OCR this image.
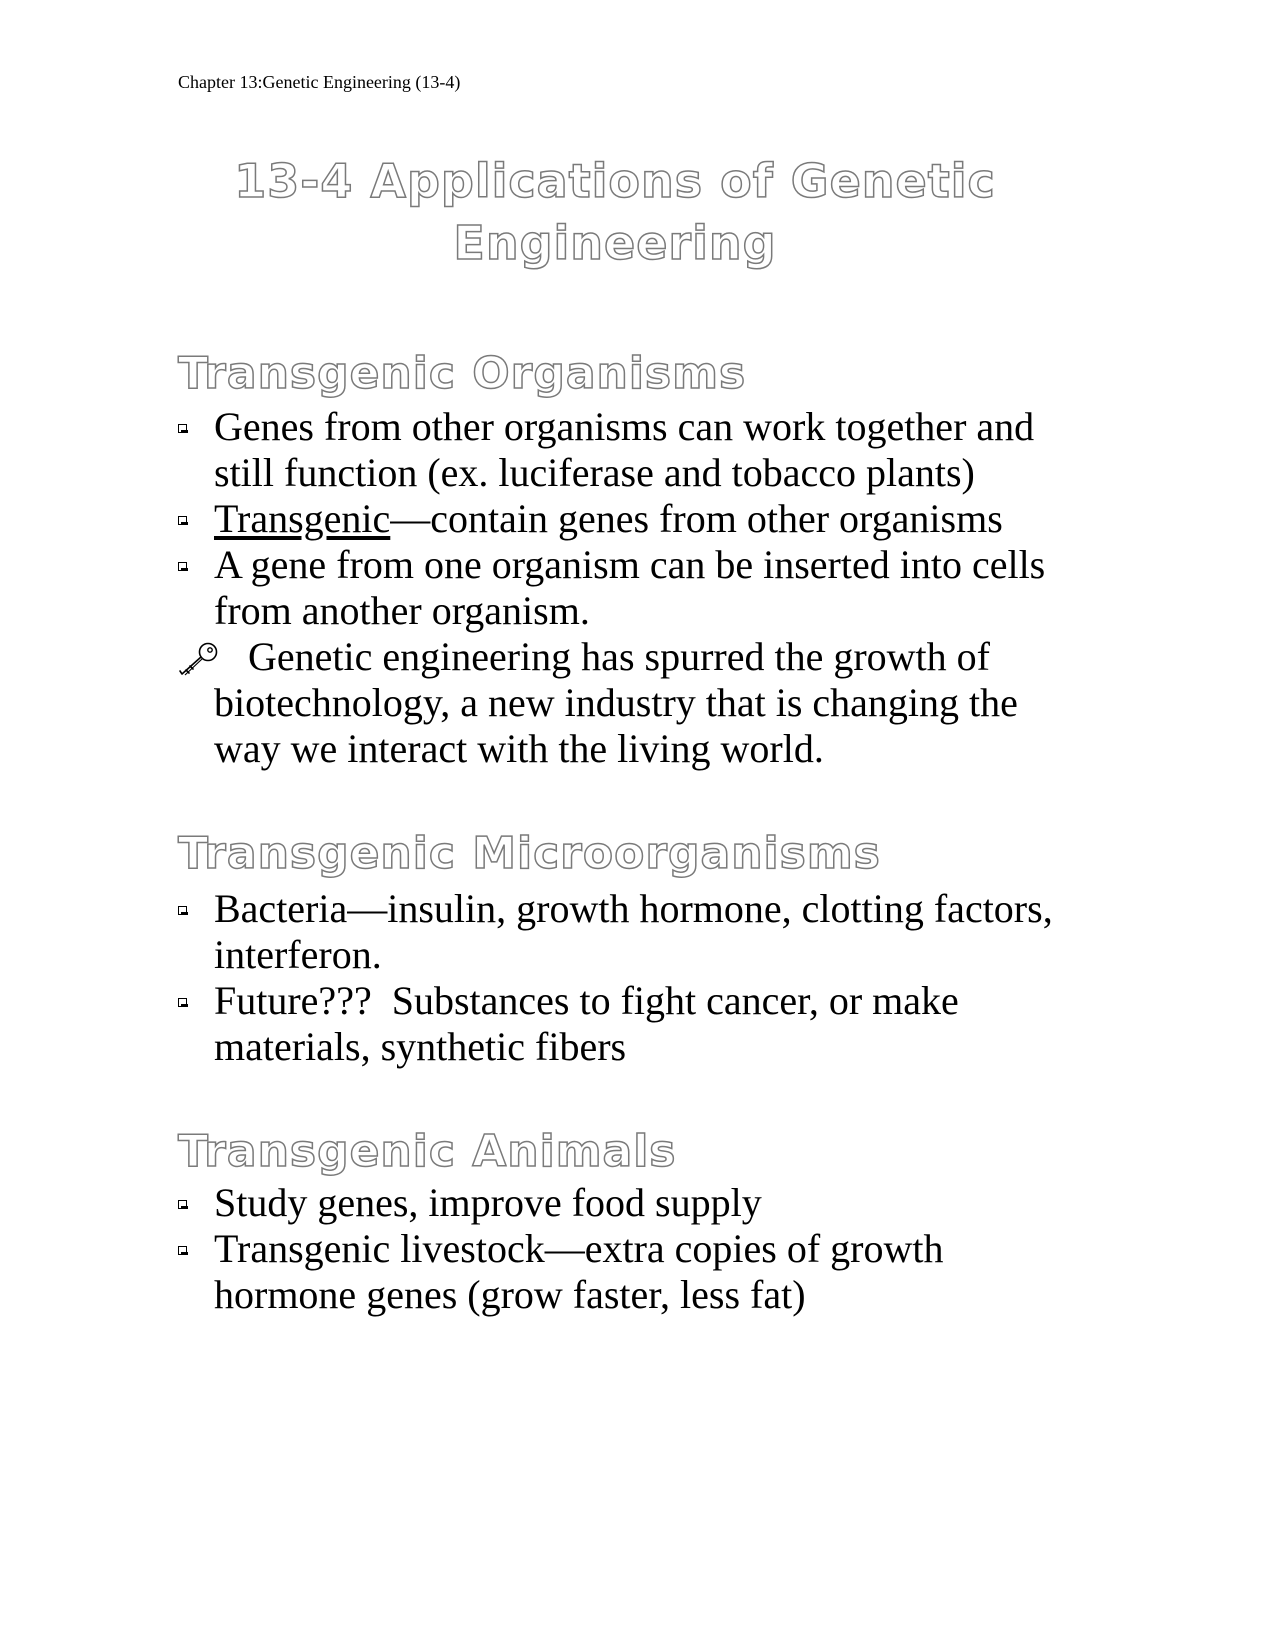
Chapter 13:Genetic Engineering (13-4)
13-4 Applications of Genetic
Engineering
Transgenic Organisms
Genes from other organisms can work together and still function (ex. luciferase and tobacco plants)
Transgenic—contain genes from other organisms
A gene from one organism can be inserted into cells from another organism.
Genetic engineering has spurred the growth of biotechnology, a new industry that is changing the way we interact with the living world.
Transgenic Microorganisms
Bacteria—insulin, growth hormone, clotting factors, interferon.
Future???  Substances to fight cancer, or make materials, synthetic fibers
Transgenic Animals
Study genes, improve food supply
Transgenic livestock—extra copies of growth hormone genes (grow faster, less fat)
